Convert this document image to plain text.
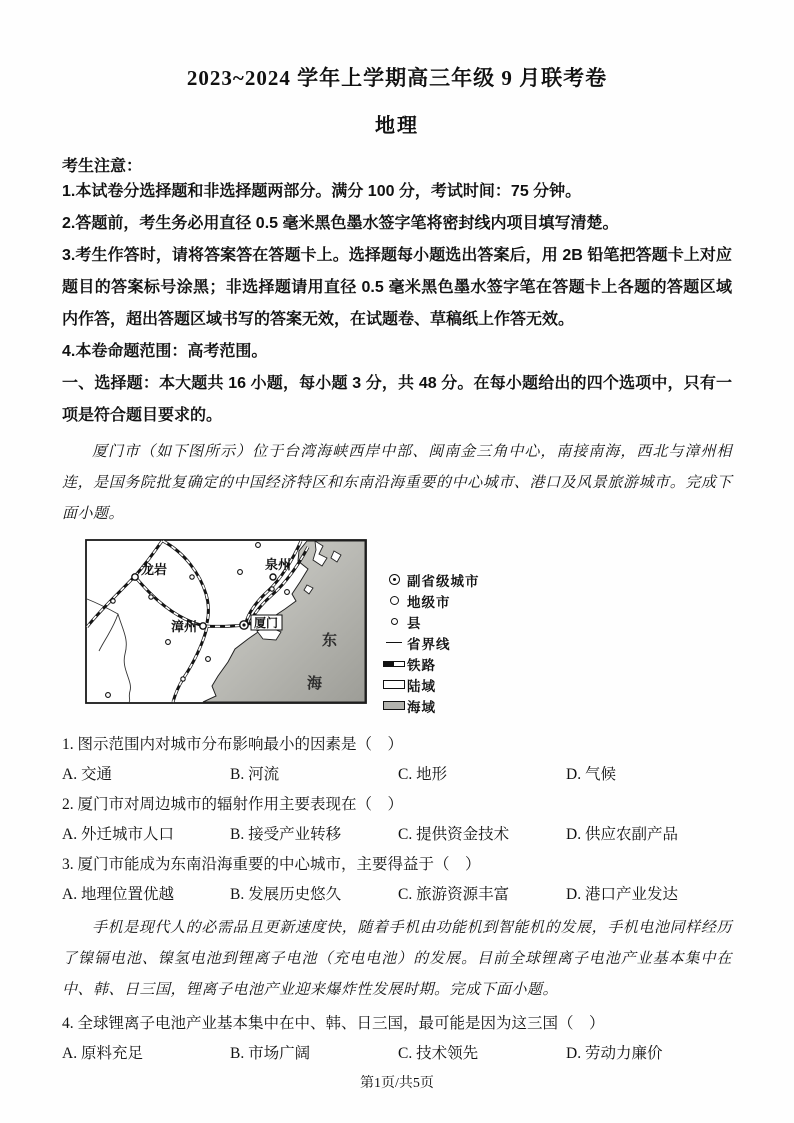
2023~2024 学年上学期高三年级 9 月联考卷
地理
考生注意：
1.本试卷分选择题和非选择题两部分。满分 100 分，考试时间：75 分钟。
2.答题前，考生务必用直径 0.5 毫米黑色墨水签字笔将密封线内项目填写清楚。
3.考生作答时，请将答案答在答题卡上。选择题每小题选出答案后，用 2B 铅笔把答题卡上对应题目的答案标号涂黑；非选择题请用直径 0.5 毫米黑色墨水签字笔在答题卡上各题的答题区域内作答，超出答题区域书写的答案无效，在试题卷、草稿纸上作答无效。
4.本卷命题范围：高考范围。
一、选择题：本大题共 16 小题，每小题 3 分，共 48 分。在每小题给出的四个选项中，只有一项是符合题目要求的。
厦门市（如下图所示）位于台湾海峡西岸中部、闽南金三角中心，南接南海，西北与漳州相连，是国务院批复确定的中国经济特区和东南沿海重要的中心城市、港口及风景旅游城市。完成下面小题。
龙岩	泉州
漳州	厦门
东
海
副省级城市
地级市
县
省界线
铁路
陆域
海域
1. 图示范围内对城市分布影响最小的因素是（　）
A. 交通	B. 河流	C. 地形	D. 气候
2. 厦门市对周边城市的辐射作用主要表现在（　）
A. 外迁城市人口	B. 接受产业转移	C. 提供资金技术	D. 供应农副产品
3. 厦门市能成为东南沿海重要的中心城市，主要得益于（　）
A. 地理位置优越	B. 发展历史悠久	C. 旅游资源丰富	D. 港口产业发达
手机是现代人的必需品且更新速度快，随着手机由功能机到智能机的发展，手机电池同样经历了镍镉电池、镍氢电池到锂离子电池（充电电池）的发展。目前全球锂离子电池产业基本集中在中、韩、日三国，锂离子电池产业迎来爆炸性发展时期。完成下面小题。
4. 全球锂离子电池产业基本集中在中、韩、日三国，最可能是因为这三国（　）
A. 原料充足	B. 市场广阔	C. 技术领先	D. 劳动力廉价
第1页/共5页
